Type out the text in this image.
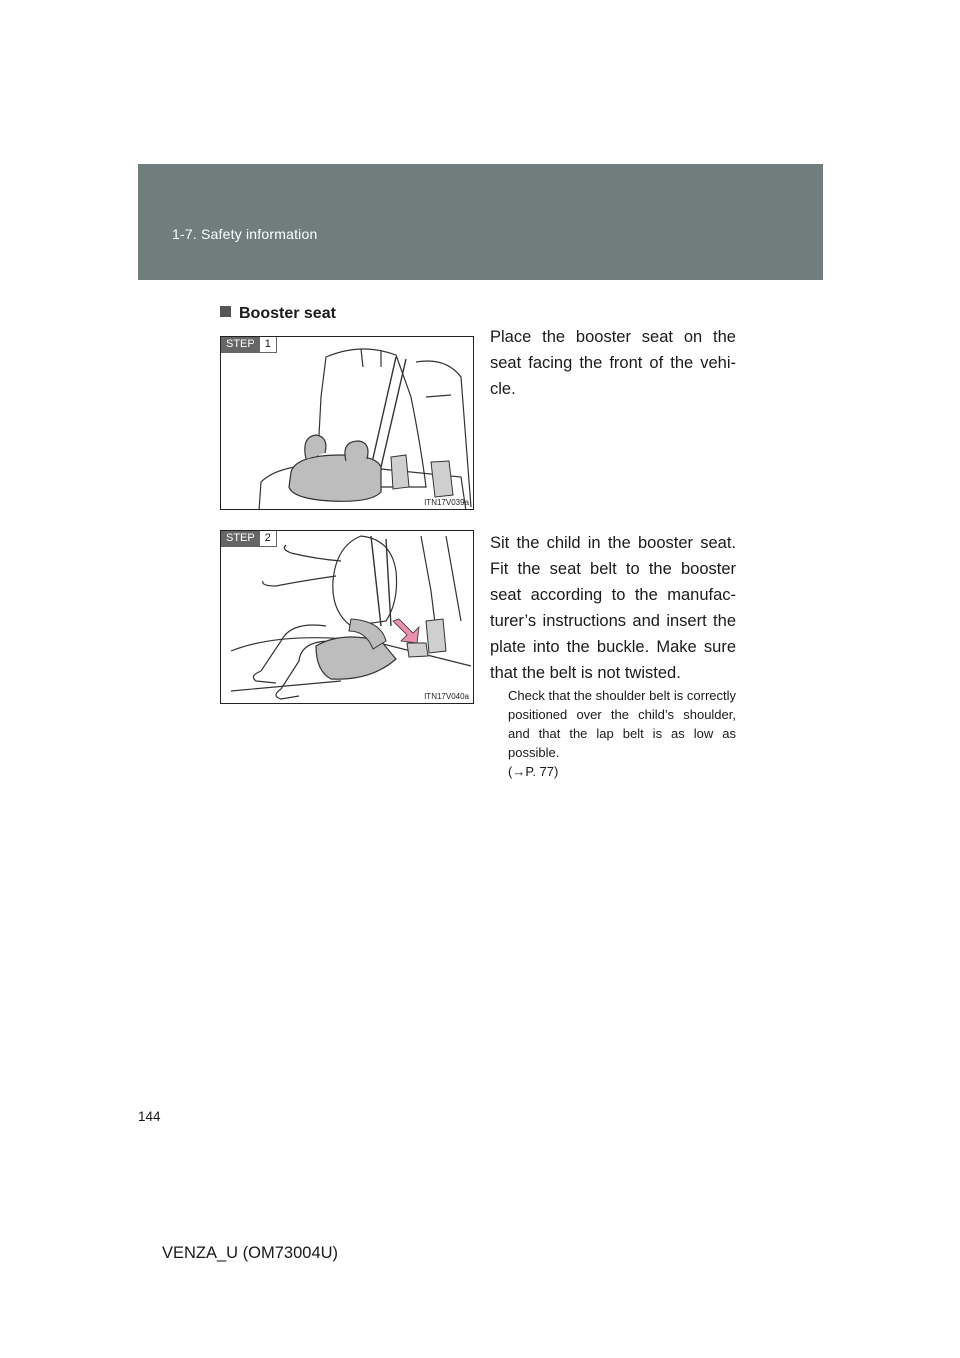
1-7. Safety information
Booster seat
STEP 1
ITN17V039a
Place the booster seat on the seat facing the front of the vehi-cle.
STEP 2
ITN17V040a
Sit the child in the booster seat. Fit the seat belt to the booster seat according to the manufac-turer’s instructions and insert the plate into the buckle. Make sure that the belt is not twisted.
Check that the shoulder belt is correctly positioned over the child’s shoulder, and that the lap belt is as low as possible.
(→P. 77)
144
VENZA_U (OM73004U)
